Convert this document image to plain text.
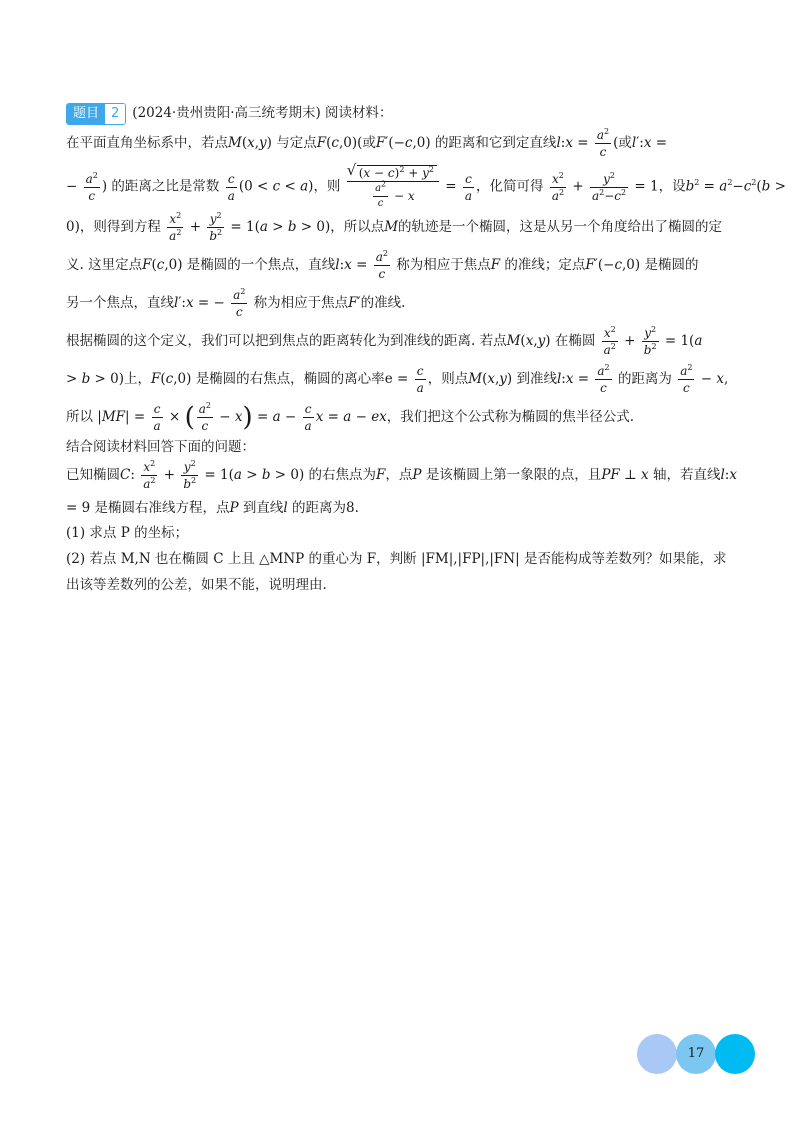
题目 2 (2024·贵州贵阳·高三统考期末) 阅读材料：
在平面直角坐标系中，若点M(x,y) 与定点F(c,0)(或F′(−c,0) 的距离和它到定直线l:x = $\frac{a^2}{c}$ (或l′:x =
− $\frac{a^2}{c}$ ) 的距离之比是常数 $\frac{c}{a} (0 < c < a)$，则
√ $\frac{(x - c)^2 + y^2}{\frac{a^2}{c} - x} = \frac{c}{a}$ ，化简可得 $\frac{x^2}{a^2} + \frac{y^2}{a^2-c^2} = 1$，设$b^2 = a^2-c^2(b$ >
0)，则得到方程 $\frac{x^2}{a^2} + \frac{y^2}{b^2} = 1(a > b > 0)$，所以点M的轨迹是一个椭圆，这是从另一个角度给出了椭圆的定
义. 这里定点F(c,0) 是椭圆的一个焦点，直线l:x = $\frac{a^2}{c}$ 称为相应于焦点F 的准线；定点F′(−c,0) 是椭圆的
另一个焦点，直线l′:x = − $\frac{a^2}{c}$ 称为相应于焦点F′的准线.
根据椭圆的这个定义，我们可以把到焦点的距离转化为到准线的距离. 若点M(x,y) 在椭圆 $\frac{x^2}{a^2} + \frac{y^2}{b^2} = 1(a$
> b > 0)上，F(c,0) 是椭圆的右焦点，椭圆的离心率$e = \frac{c}{a}$ ，则点M(x,y) 到准线l:x = $\frac{a^2}{c}$ 的距离为 $\frac{a^2}{c} - x$,
所以 $|MF| = \frac{c}{a}$ × ( $\frac{a^2}{c} - x) = a - \frac{c}{a}$ x = a − ex，我们把这个公式称为椭圆的焦半径公式.
结合阅读材料回答下面的问题：
已知椭圆C: $\frac{x^2}{a^2} + \frac{y^2}{b^2} = 1(a > b > 0)$ 的右焦点为F，点P 是该椭圆上第一象限的点，且PF ⊥ x 轴，若直线l:x
= 9 是椭圆右准线方程，点P 到直线l 的距离为8.
(1) 求点 P 的坐标；
(2) 若点 M,N 也在椭圆 C 上且 △MNP 的重心为 F，判断 |FM|,|FP|,|FN| 是否能构成等差数列？如果能，求
出该等差数列的公差，如果不能，说明理由.
17
